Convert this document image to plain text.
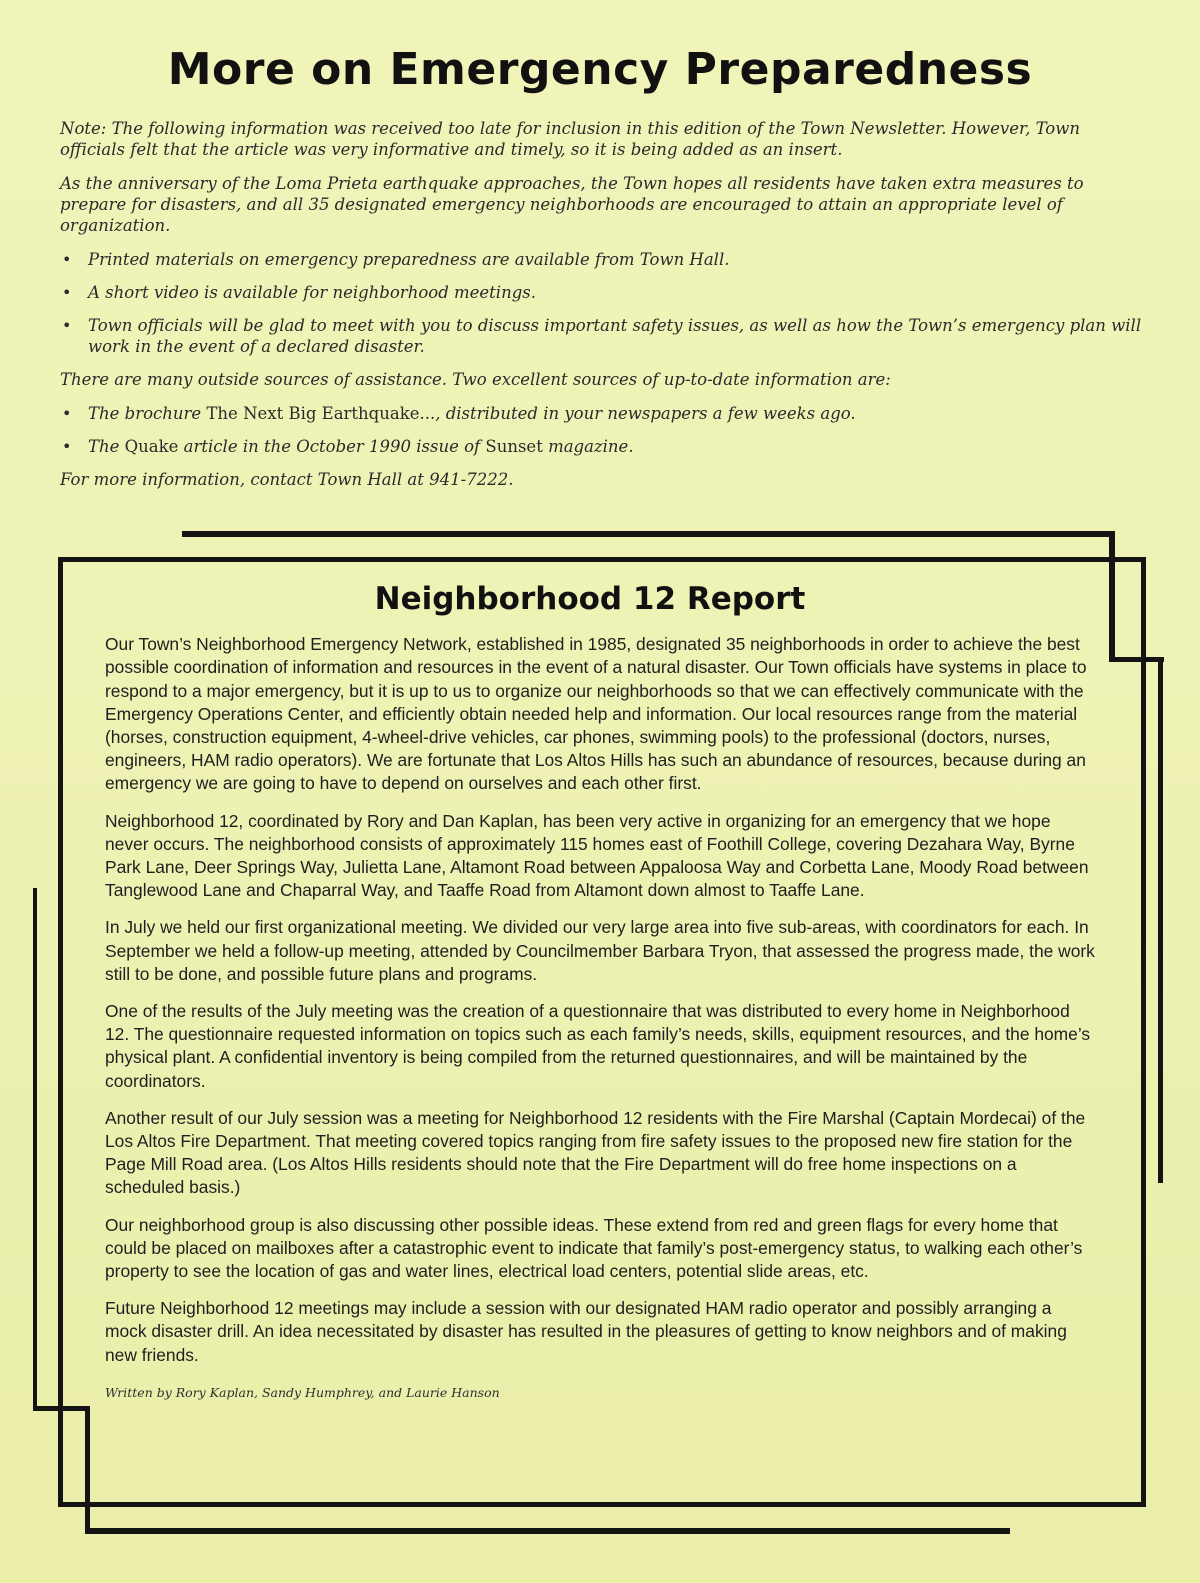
More on Emergency Preparedness

Note: The following information was received too late for inclusion in this edition of the Town Newsletter. However, Town officials felt that the article was very informative and timely, so it is being added as an insert.

As the anniversary of the Loma Prieta earthquake approaches, the Town hopes all residents have taken extra measures to prepare for disasters, and all 35 designated emergency neighborhoods are encouraged to attain an appropriate level of organization.

• Printed materials on emergency preparedness are available from Town Hall.
• A short video is available for neighborhood meetings.
• Town officials will be glad to meet with you to discuss important safety issues, as well as how the Town’s emergency plan will work in the event of a declared disaster.

There are many outside sources of assistance. Two excellent sources of up-to-date information are:

• The brochure The Next Big Earthquake..., distributed in your newspapers a few weeks ago.
• The Quake article in the October 1990 issue of Sunset magazine.

For more information, contact Town Hall at 941-7222.

Neighborhood 12 Report

Our Town’s Neighborhood Emergency Network, established in 1985, designated 35 neighborhoods in order to achieve the best possible coordination of information and resources in the event of a natural disaster. Our Town officials have systems in place to respond to a major emergency, but it is up to us to organize our neighborhoods so that we can effectively communicate with the Emergency Operations Center, and efficiently obtain needed help and information. Our local resources range from the material (horses, construction equipment, 4-wheel-drive vehicles, car phones, swimming pools) to the professional (doctors, nurses, engineers, HAM radio operators). We are fortunate that Los Altos Hills has such an abundance of resources, because during an emergency we are going to have to depend on ourselves and each other first.

Neighborhood 12, coordinated by Rory and Dan Kaplan, has been very active in organizing for an emergency that we hope never occurs. The neighborhood consists of approximately 115 homes east of Foothill College, covering Dezahara Way, Byrne Park Lane, Deer Springs Way, Julietta Lane, Altamont Road between Appaloosa Way and Corbetta Lane, Moody Road between Tanglewood Lane and Chaparral Way, and Taaffe Road from Altamont down almost to Taaffe Lane.

In July we held our first organizational meeting. We divided our very large area into five sub-areas, with coordinators for each. In September we held a follow-up meeting, attended by Councilmember Barbara Tryon, that assessed the progress made, the work still to be done, and possible future plans and programs.

One of the results of the July meeting was the creation of a questionnaire that was distributed to every home in Neighborhood 12. The questionnaire requested information on topics such as each family’s needs, skills, equipment resources, and the home’s physical plant. A confidential inventory is being compiled from the returned questionnaires, and will be maintained by the coordinators.

Another result of our July session was a meeting for Neighborhood 12 residents with the Fire Marshal (Captain Mordecai) of the Los Altos Fire Department. That meeting covered topics ranging from fire safety issues to the proposed new fire station for the Page Mill Road area. (Los Altos Hills residents should note that the Fire Department will do free home inspections on a scheduled basis.)

Our neighborhood group is also discussing other possible ideas. These extend from red and green flags for every home that could be placed on mailboxes after a catastrophic event to indicate that family’s post-emergency status, to walking each other’s property to see the location of gas and water lines, electrical load centers, potential slide areas, etc.

Future Neighborhood 12 meetings may include a session with our designated HAM radio operator and possibly arranging a mock disaster drill. An idea necessitated by disaster has resulted in the pleasures of getting to know neighbors and of making new friends.

Written by Rory Kaplan, Sandy Humphrey, and Laurie Hanson
